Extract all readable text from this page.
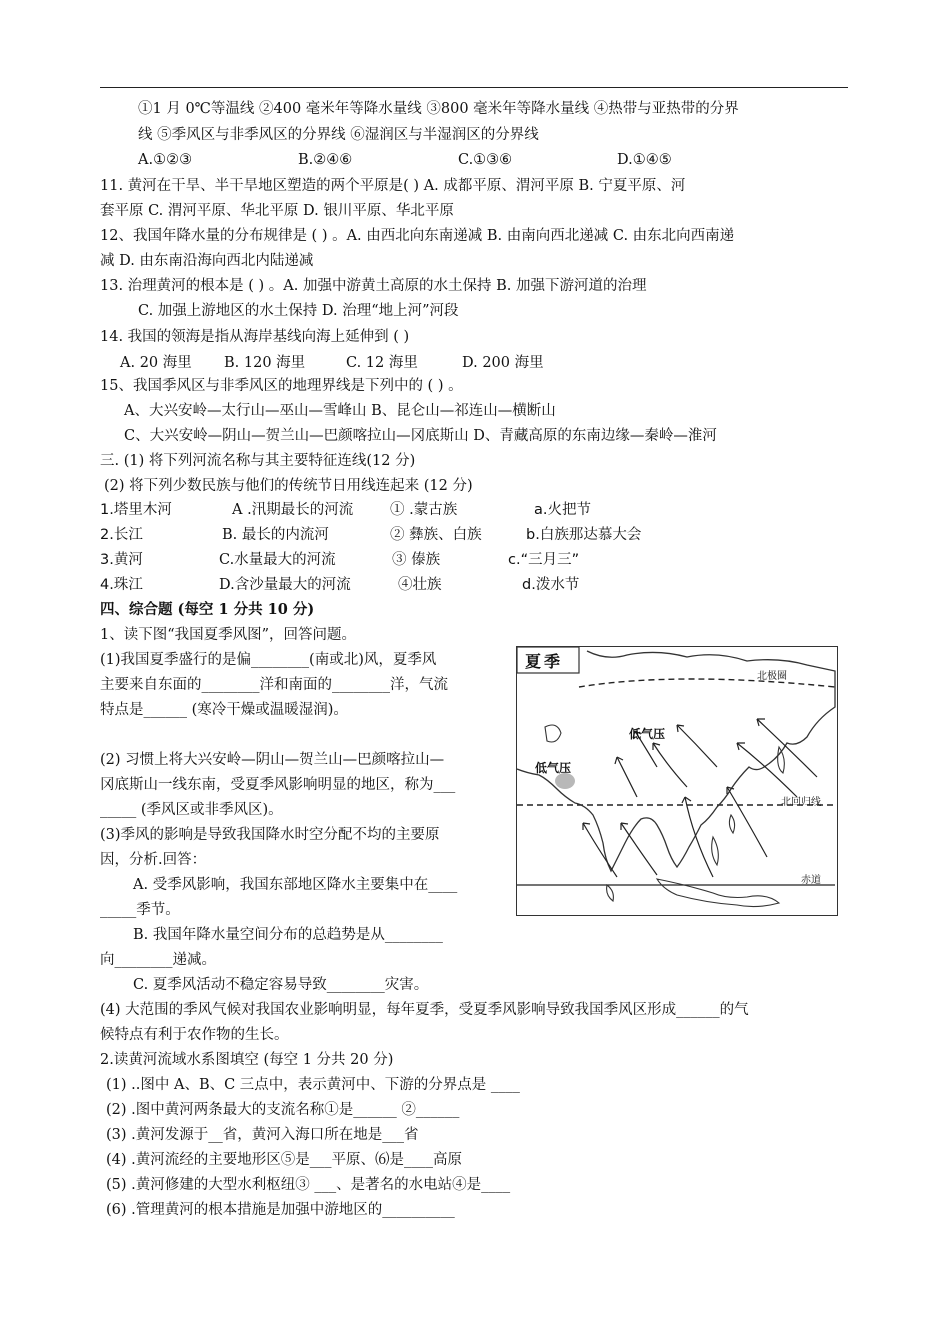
①1 月 0℃等温线 ②400 毫米年等降水量线 ③800 毫米年等降水量线 ④热带与亚热带的分界
线 ⑤季风区与非季风区的分界线 ⑥湿润区与半湿润区的分界线
A.①②③	B.②④⑥	C.①③⑥	D.①④⑤
11. 黄河在干旱、半干旱地区塑造的两个平原是( ) A. 成都平原、渭河平原 B. 宁夏平原、河
套平原 C. 渭河平原、华北平原 D. 银川平原、华北平原
12、我国年降水量的分布规律是 ( ) 。A. 由西北向东南递减 B. 由南向西北递减 C. 由东北向西南递
减 D. 由东南沿海向西北内陆递减
13. 治理黄河的根本是 ( ) 。A. 加强中游黄土高原的水土保持 B. 加强下游河道的治理
C. 加强上游地区的水土保持 D. 治理“地上河”河段
14. 我国的领海是指从海岸基线向海上延伸到 ( )
A. 20 海里 B. 120 海里	C. 12 海里	D. 200 海里
15、我国季风区与非季风区的地理界线是下列中的 ( ) 。
A、大兴安岭—太行山—巫山—雪峰山 B、昆仑山—祁连山—横断山
C、大兴安岭—阴山—贺兰山—巴颜喀拉山—冈底斯山 D、青藏高原的东南边缘—秦岭—淮河
三. (1) 将下列河流名称与其主要特征连线(12 分)
(2) 将下列少数民族与他们的传统节日用线连起来 (12 分)
1.塔里木河	A .汛期最长的河流	① .蒙古族	a.火把节
2.长江	B. 最长的内流河	② 彝族、白族	b.白族那达慕大会
3.黄河	C.水量最大的河流	③ 傣族	c.“三月三”
4.珠江	D.含沙量最大的河流	④壮族	d.泼水节
四、综合题 (每空 1 分共 10 分)
1、读下图“我国夏季风图”，回答问题。
(1)我国夏季盛行的是偏________(南或北)风，夏季风
主要来自东面的________洋和南面的________洋，气流
特点是______ (寒冷干燥或温暖湿润)。
(2) 习惯上将大兴安岭—阴山—贺兰山—巴颜喀拉山—
冈底斯山一线东南，受夏季风影响明显的地区，称为___
_____ (季风区或非季风区)。
(3)季风的影响是导致我国降水时空分配不均的主要原
因，分析.回答：
A. 受季风影响，我国东部地区降水主要集中在____
_____季节。
B. 我国年降水量空间分布的总趋势是从________
向________递减。
C. 夏季风活动不稳定容易导致________灾害。
(4) 大范围的季风气候对我国农业影响明显，每年夏季，受夏季风影响导致我国季风区形成______的气
候特点有利于农作物的生长。
2.读黄河流域水系图填空 (每空 1 分共 20 分)
(1) ..图中 A、B、C 三点中，表示黄河中、下游的分界点是 ____
(2) .图中黄河两条最大的支流名称①是______ ②______
(3) .黄河发源于__省，黄河入海口所在地是___省
(4) .黄河流经的主要地形区⑤是___平原、⑹是____高原
(5) .黄河修建的大型水利枢纽③ ___、是著名的水电站④是____
(6) .管理黄河的根本措施是加强中游地区的__________
夏季
北极圈
北回归线
赤道
低气压
低气压
